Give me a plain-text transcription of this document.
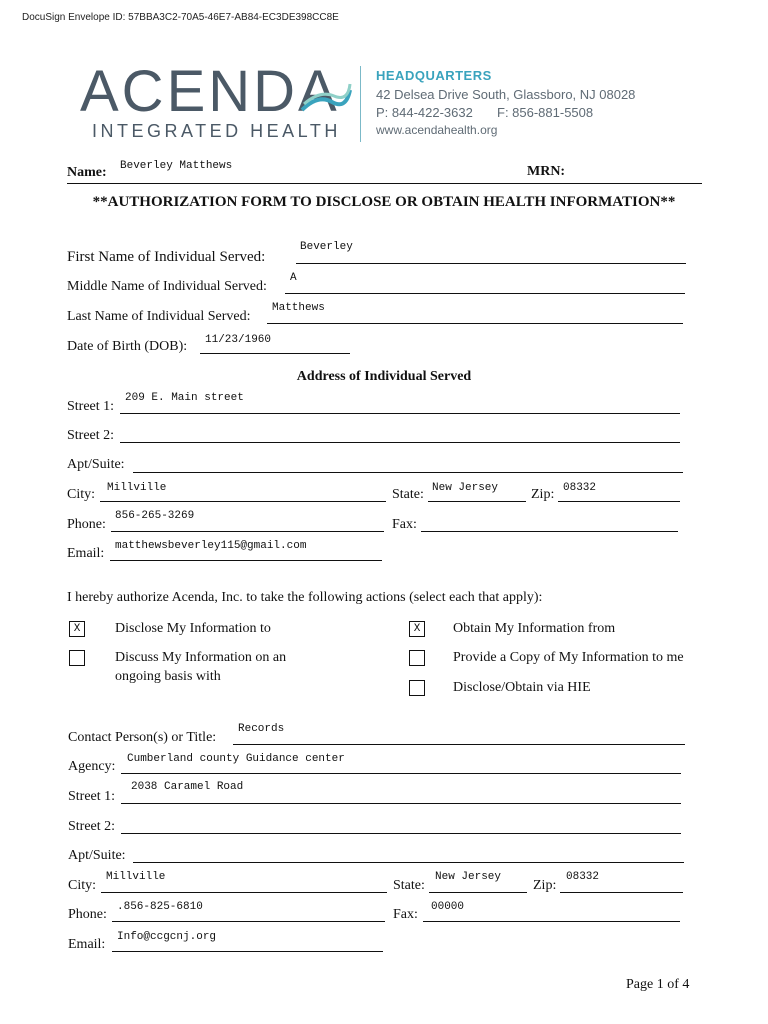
DocuSign Envelope ID: 57BBA3C2-70A5-46E7-AB84-EC3DE398CC8E
ACENDA
INTEGRATED HEALTH
HEADQUARTERS
42 Delsea Drive South, Glassboro, NJ 08028
P: 844-422-3632 F: 856-881-5508
www.acendahealth.org
Name: Beverley Matthews	MRN:
**AUTHORIZATION FORM TO DISCLOSE OR OBTAIN HEALTH INFORMATION**
First Name of Individual Served:
Beverley
Middle Name of Individual Served:
A
Last Name of Individual Served:
Matthews
Date of Birth (DOB): 11/23/1960
Address of Individual Served
Street 1:
209 E. Main street
Street 2:
Apt/Suite:
City: Millville	State: New Jersey Zip: 08332
Phone:
856-265-3269
Fax:
Email: matthewsbeverley115@gmail.com
I hereby authorize Acenda, Inc. to take the following actions (select each that apply):
X	Disclose My Information to	X	Obtain My Information from
Discuss My Information on an
ongoing basis with
Provide a Copy of My Information to me
Disclose/Obtain via HIE
Contact Person(s) or Title:
Records
Agency: Cumberland county Guidance center
Street 1:
2038 Caramel Road
Street 2:
Apt/Suite:
City:
Millville
State:
New Jersey
Zip:
08332
Phone: .856-825-6810	Fax: 00000
Email: Info@ccgcnj.org
Page 1 of 4
